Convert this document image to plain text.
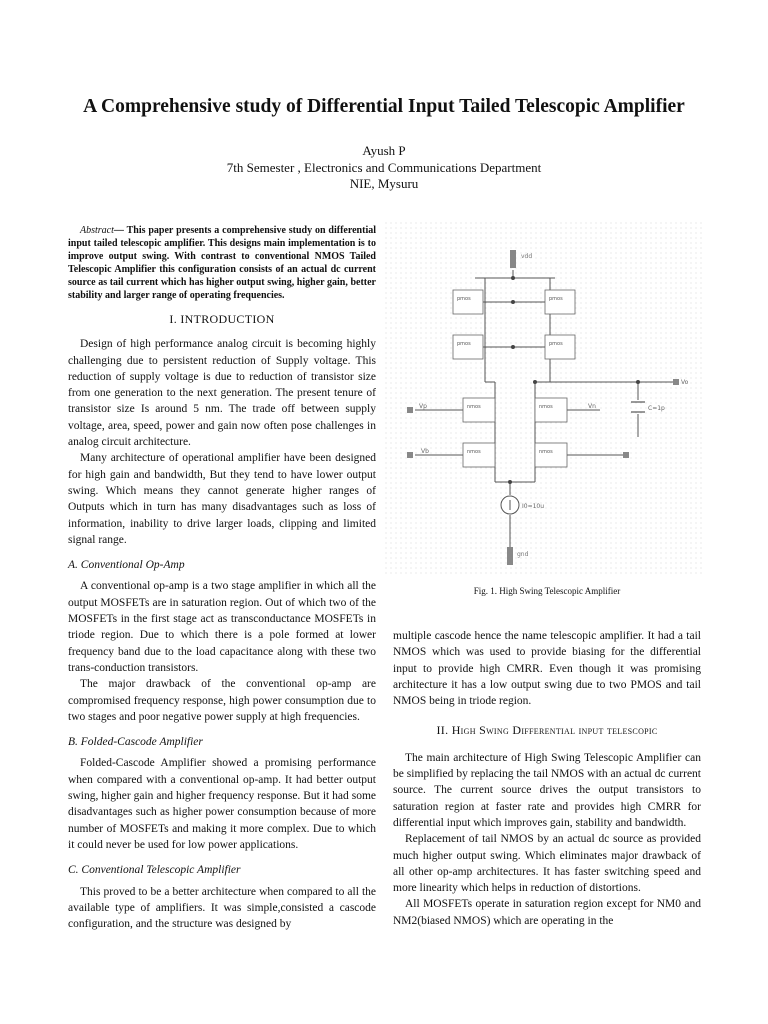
A Comprehensive study of Differential Input Tailed Telescopic Amplifier
Ayush P
7th Semester , Electronics and Communications Department
NIE, Mysuru

Abstract— This paper presents a comprehensive study on differential input tailed telescopic amplifier. This designs main implementation is to improve output swing. With contrast to conventional NMOS Tailed Telescopic Amplifier this configuration consists of an actual dc current source as tail current which has higher output swing, higher gain, better stability and larger range of operating frequencies.

I. INTRODUCTION

Design of high performance analog circuit is becoming highly challenging due to persistent reduction of Supply voltage. This reduction of supply voltage is due to reduction of transistor size from one generation to the next generation. The present tenure of transistor size Is around 5 nm. The trade off between supply voltage, area, speed, power and gain now often pose challenges in analog circuit architecture.

Many architecture of operational amplifier have been designed for high gain and bandwidth, But they tend to have lower output swing. Which means they cannot generate higher ranges of Outputs which in turn has many disadvantages such as loss of information, inability to drive larger loads, clipping and limited signal range.

A. Conventional Op-Amp

A conventional op-amp is a two stage amplifier in which all the output MOSFETs are in saturation region. Out of which two of the MOSFETs in the first stage act as transconductance MOSFETs in triode region. Due to which there is a pole formed at lower frequency band due to the load capacitance along with these two trans-conduction transistors.

The major drawback of the conventional op-amp are compromised frequency response, high power consumption due to two stages and poor negative power supply at high frequencies.

B. Folded-Cascode Amplifier

Folded-Cascode Amplifier showed a promising performance when compared with a conventional op-amp. It had better output swing, higher gain and higher frequency response. But it had some disadvantages such as higher power consumption because of more number of MOSFETs and making it more complex. Due to which it could never be used for low power applications.

C. Conventional Telescopic Amplifier

This proved to be a better architecture when compared to all the available type of amplifiers. It was simple,consisted a cascode configuration, and the structure was designed by

vdd
gnd
I0=10u
C=1p
Vo
Vp	Vn
Vb
pmos	pmos
pmos	pmos
nmos	nmos
nmos	nmos
Fig. 1. High Swing Telescopic Amplifier

multiple cascode hence the name telescopic amplifier. It had a tail NMOS which was used to provide biasing for the differential input to provide high CMRR. Even though it was promising architecture it has a low output swing due to two PMOS and tail NMOS being in triode region.

II. High Swing Differential input telescopic

The main architecture of High Swing Telescopic Amplifier can be simplified by replacing the tail NMOS with an actual dc current source. The current source drives the output transistors to saturation region at faster rate and provides high CMRR for differential input which improves gain, stability and bandwidth.

Replacement of tail NMOS by an actual dc source as provided much higher output swing. Which eliminates major drawback of all other op-amp architectures. It has faster switching speed and more linearity which helps in reduction of distortions.

All MOSFETs operate in saturation region except for NM0 and NM2(biased NMOS) which are operating in the
